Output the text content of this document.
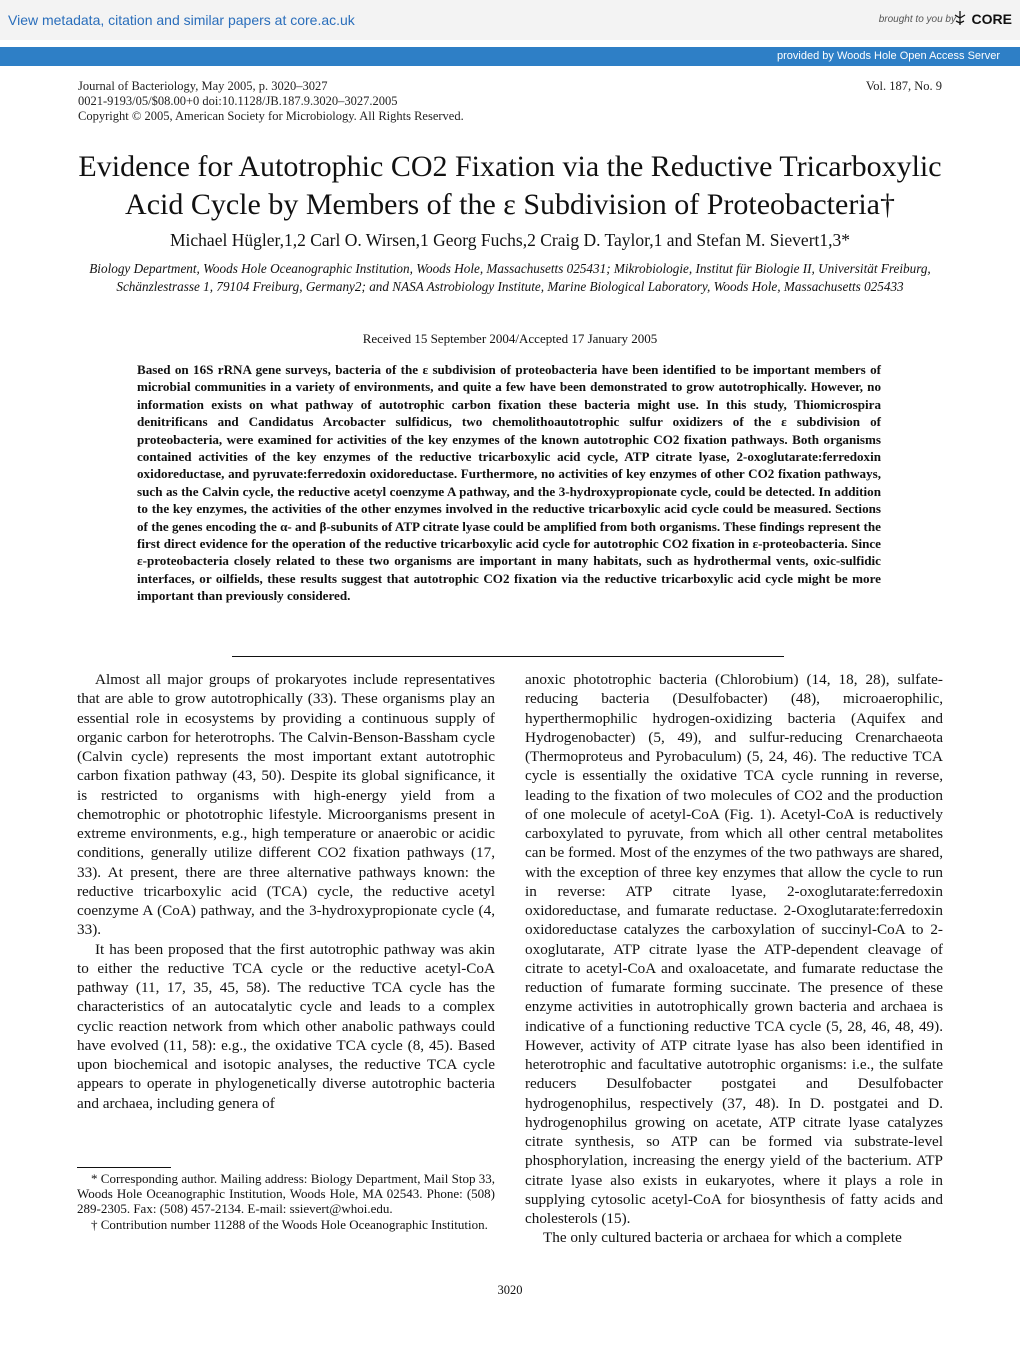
View metadata, citation and similar papers at core.ac.uk	brought to you by CORE
provided by Woods Hole Open Access Server
Journal of Bacteriology, May 2005, p. 3020–3027
0021-9193/05/$08.00+0 doi:10.1128/JB.187.9.3020–3027.2005
Copyright © 2005, American Society for Microbiology. All Rights Reserved.
Vol. 187, No. 9
Evidence for Autotrophic CO2 Fixation via the Reductive Tricarboxylic
Acid Cycle by Members of the ε Subdivision of Proteobacteria†
Michael Hügler,1,2 Carl O. Wirsen,1 Georg Fuchs,2 Craig D. Taylor,1 and Stefan M. Sievert1,3*
Biology Department, Woods Hole Oceanographic Institution, Woods Hole, Massachusetts 025431; Mikrobiologie, Institut für Biologie II, Universität Freiburg, Schänzlestrasse 1, 79104 Freiburg, Germany2; and NASA Astrobiology Institute, Marine Biological Laboratory, Woods Hole, Massachusetts 025433
Received 15 September 2004/Accepted 17 January 2005
Based on 16S rRNA gene surveys, bacteria of the ε subdivision of proteobacteria have been identified to be important members of microbial communities in a variety of environments, and quite a few have been demonstrated to grow autotrophically. However, no information exists on what pathway of autotrophic carbon fixation these bacteria might use. In this study, Thiomicrospira denitrificans and Candidatus Arcobacter sulfidicus, two chemolithoautotrophic sulfur oxidizers of the ε subdivision of proteobacteria, were examined for activities of the key enzymes of the known autotrophic CO2 fixation pathways. Both organisms contained activities of the key enzymes of the reductive tricarboxylic acid cycle, ATP citrate lyase, 2-oxoglutarate:ferredoxin oxidoreductase, and pyruvate:ferredoxin oxidoreductase. Furthermore, no activities of key enzymes of other CO2 fixation pathways, such as the Calvin cycle, the reductive acetyl coenzyme A pathway, and the 3-hydroxypropionate cycle, could be detected. In addition to the key enzymes, the activities of the other enzymes involved in the reductive tricarboxylic acid cycle could be measured. Sections of the genes encoding the α- and β-subunits of ATP citrate lyase could be amplified from both organisms. These findings represent the first direct evidence for the operation of the reductive tricarboxylic acid cycle for autotrophic CO2 fixation in ε-proteobacteria. Since ε-proteobacteria closely related to these two organisms are important in many habitats, such as hydrothermal vents, oxic-sulfidic interfaces, or oilfields, these results suggest that autotrophic CO2 fixation via the reductive tricarboxylic acid cycle might be more important than previously considered.

Almost all major groups of prokaryotes include representatives that are able to grow autotrophically (33). These organisms play an essential role in ecosystems by providing a continuous supply of organic carbon for heterotrophs. The Calvin-Benson-Bassham cycle (Calvin cycle) represents the most important extant autotrophic carbon fixation pathway (43, 50). Despite its global significance, it is restricted to organisms with high-energy yield from a chemotrophic or phototrophic lifestyle. Microorganisms present in extreme environments, e.g., high temperature or anaerobic or acidic conditions, generally utilize different CO2 fixation pathways (17, 33). At present, there are three alternative pathways known: the reductive tricarboxylic acid (TCA) cycle, the reductive acetyl coenzyme A (CoA) pathway, and the 3-hydroxypropionate cycle (4, 33).

It has been proposed that the first autotrophic pathway was akin to either the reductive TCA cycle or the reductive acetyl-CoA pathway (11, 17, 35, 45, 58). The reductive TCA cycle has the characteristics of an autocatalytic cycle and leads to a complex cyclic reaction network from which other anabolic pathways could have evolved (11, 58): e.g., the oxidative TCA cycle (8, 45). Based upon biochemical and isotopic analyses, the reductive TCA cycle appears to operate in phylogenetically diverse autotrophic bacteria and archaea, including genera of

* Corresponding author. Mailing address: Biology Department, Mail Stop 33, Woods Hole Oceanographic Institution, Woods Hole, MA 02543. Phone: (508) 289-2305. Fax: (508) 457-2134. E-mail: ssievert@whoi.edu.

† Contribution number 11288 of the Woods Hole Oceanographic Institution.

anoxic phototrophic bacteria (Chlorobium) (14, 18, 28), sulfate-reducing bacteria (Desulfobacter) (48), microaerophilic, hyperthermophilic hydrogen-oxidizing bacteria (Aquifex and Hydrogenobacter) (5, 49), and sulfur-reducing Crenarchaeota (Thermoproteus and Pyrobaculum) (5, 24, 46). The reductive TCA cycle is essentially the oxidative TCA cycle running in reverse, leading to the fixation of two molecules of CO2 and the production of one molecule of acetyl-CoA (Fig. 1). Acetyl-CoA is reductively carboxylated to pyruvate, from which all other central metabolites can be formed. Most of the enzymes of the two pathways are shared, with the exception of three key enzymes that allow the cycle to run in reverse: ATP citrate lyase, 2-oxoglutarate:ferredoxin oxidoreductase, and fumarate reductase. 2-Oxoglutarate:ferredoxin oxidoreductase catalyzes the carboxylation of succinyl-CoA to 2-oxoglutarate, ATP citrate lyase the ATP-dependent cleavage of citrate to acetyl-CoA and oxaloacetate, and fumarate reductase the reduction of fumarate forming succinate. The presence of these enzyme activities in autotrophically grown bacteria and archaea is indicative of a functioning reductive TCA cycle (5, 28, 46, 48, 49). However, activity of ATP citrate lyase has also been identified in heterotrophic and facultative autotrophic organisms: i.e., the sulfate reducers Desulfobacter postgatei and Desulfobacter hydrogenophilus, respectively (37, 48). In D. postgatei and D. hydrogenophilus growing on acetate, ATP citrate lyase catalyzes citrate synthesis, so ATP can be formed via substrate-level phosphorylation, increasing the energy yield of the bacterium. ATP citrate lyase also exists in eukaryotes, where it plays a role in supplying cytosolic acetyl-CoA for biosynthesis of fatty acids and cholesterols (15).

The only cultured bacteria or archaea for which a complete

3020
